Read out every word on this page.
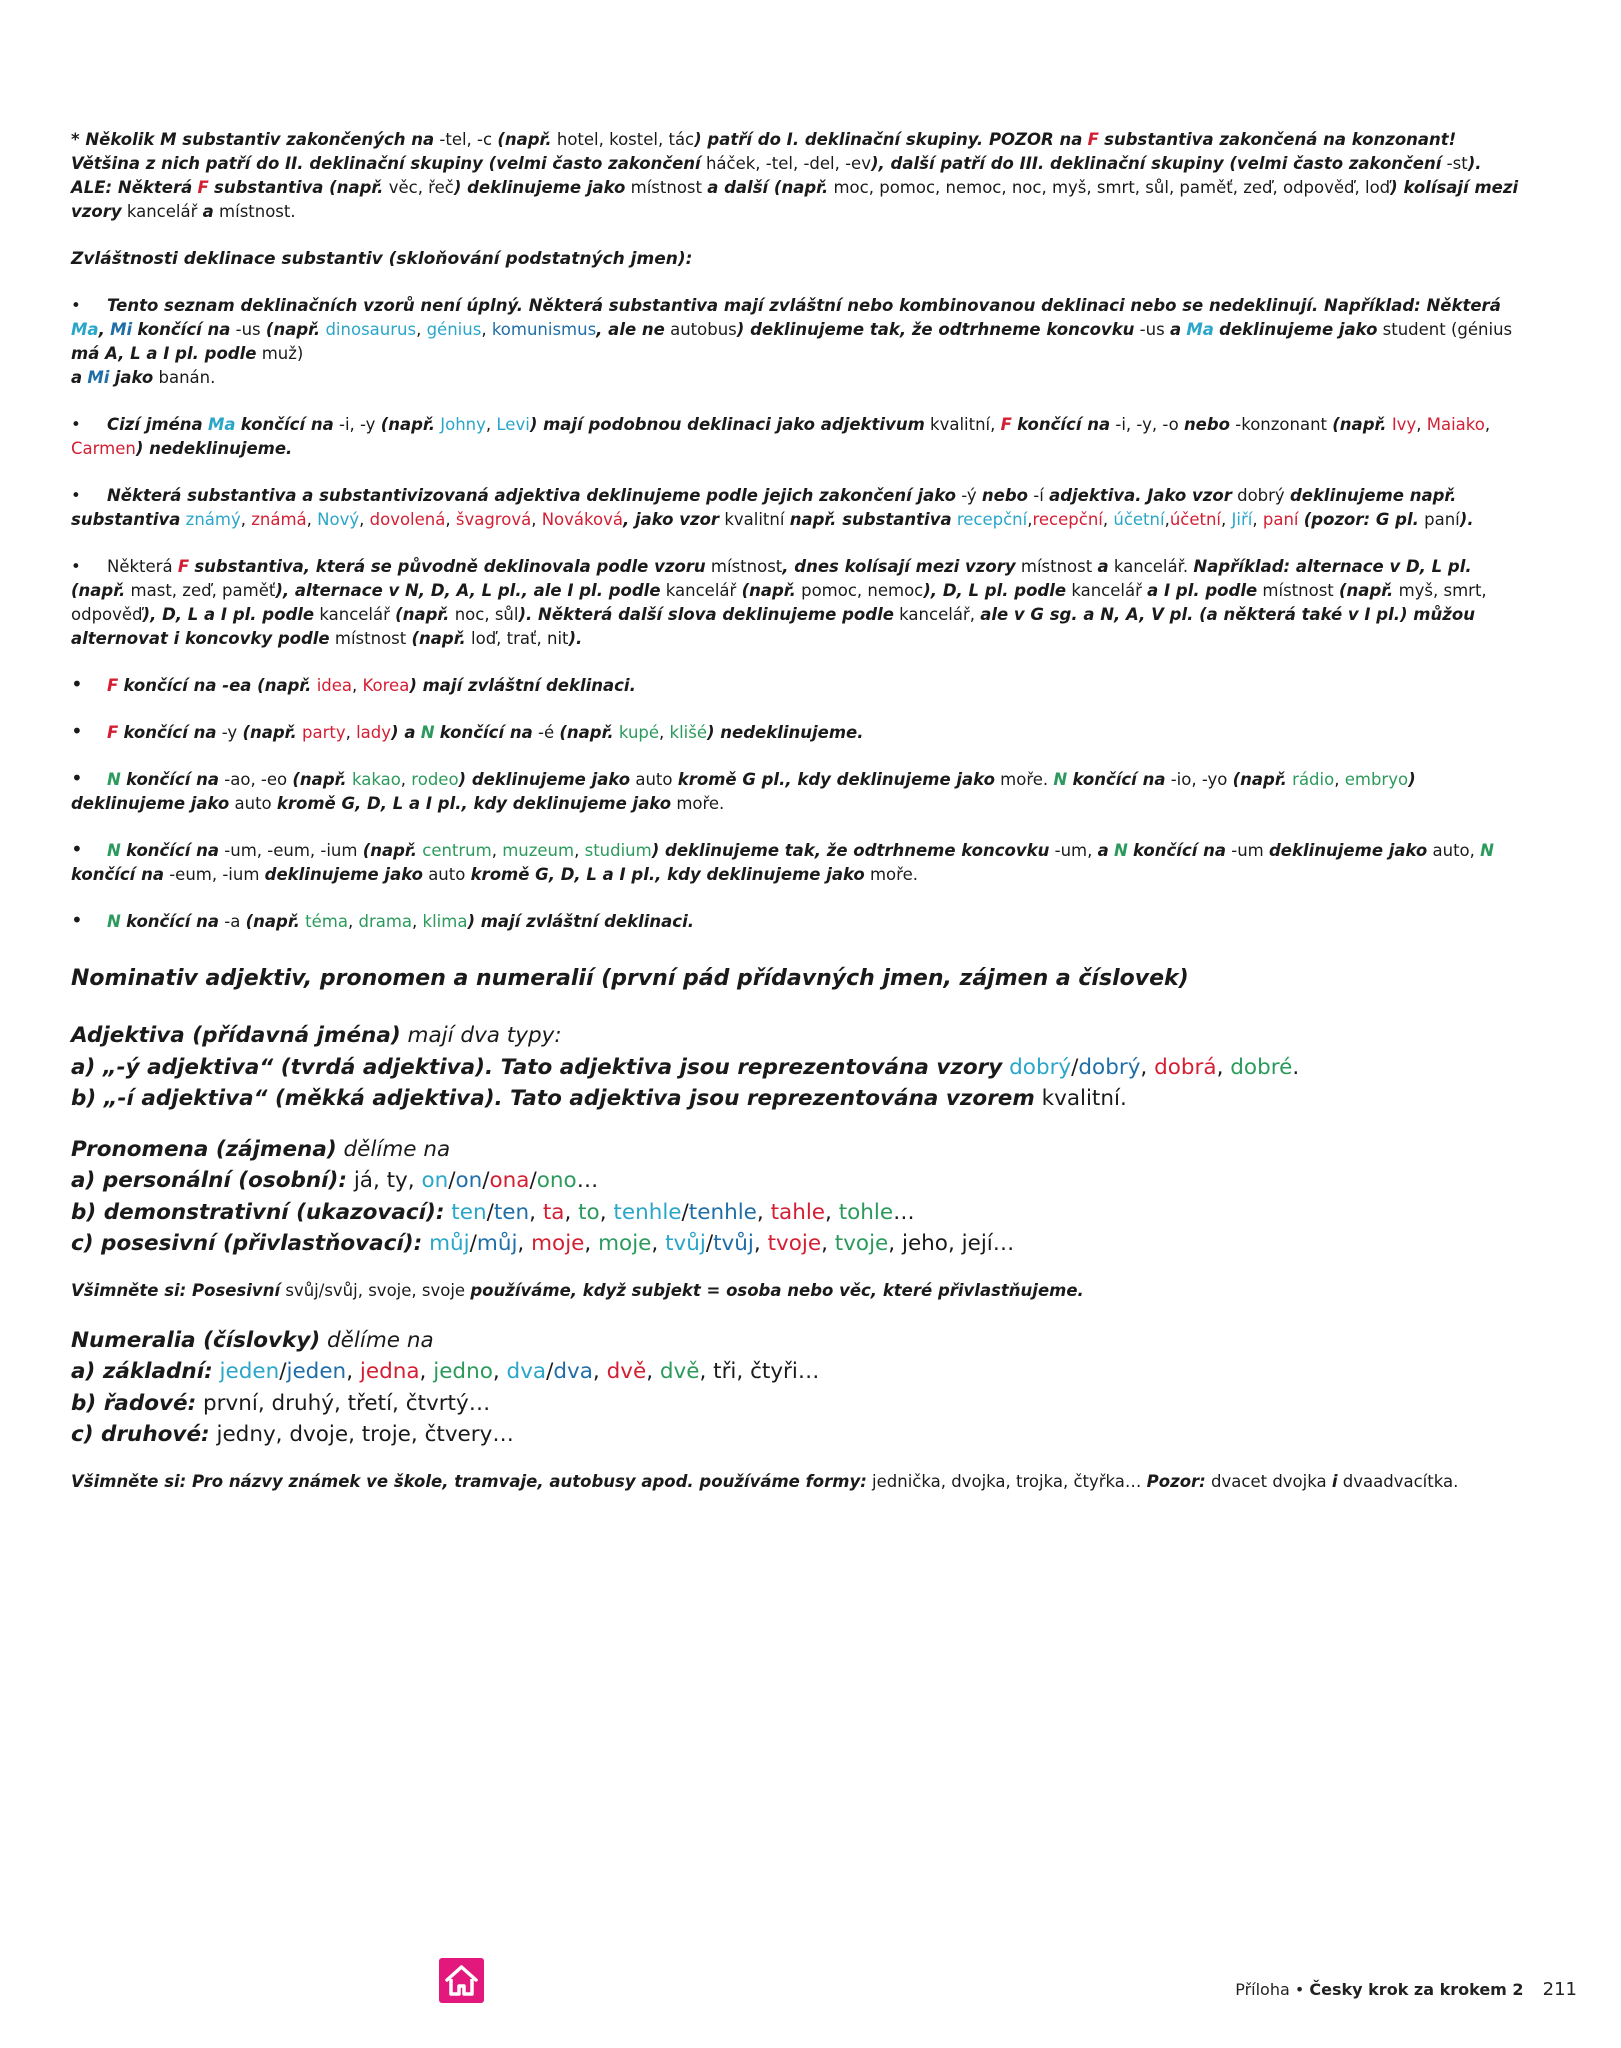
* Několik M substantiv zakončených na -tel, -c (např. hotel, kostel, tác) patří do I. deklinační skupiny. POZOR na F substantiva zakončená na konzonant! Většina z nich patří do II. deklinační skupiny (velmi často zakončení háček, -tel, -del, -ev), další patří do III. deklinační skupiny (velmi často zakončení -st). ALE: Některá F substantiva (např. věc, řeč) deklinujeme jako místnost a další (např. moc, pomoc, nemoc, noc, myš, smrt, sůl, paměť, zeď, odpověď, loď) kolísají mezi vzory kancelář a místnost.

Zvláštnosti deklinace substantiv (skloňování podstatných jmen):

• Tento seznam deklinačních vzorů není úplný. Některá substantiva mají zvláštní nebo kombinovanou deklinaci nebo se nedeklinují. Například: Některá Ma, Mi končící na -us (např. dinosaurus, génius, komunismus, ale ne autobus) deklinujeme tak, že odtrhneme koncovku -us a Ma deklinujeme jako student (génius má A, L a I pl. podle muž)
a Mi jako banán.

• Cizí jména Ma končící na -i, -y (např. Johny, Levi) mají podobnou deklinaci jako adjektivum kvalitní, F končící na -i, -y, -o nebo -konzonant (např. Ivy, Maiako, Carmen) nedeklinujeme.

• Některá substantiva a substantivizovaná adjektiva deklinujeme podle jejich zakončení jako -ý nebo -í adjektiva. Jako vzor dobrý deklinujeme např. substantiva známý, známá, Nový, dovolená, švagrová, Nováková, jako vzor kvalitní např. substantiva recepční,recepční, účetní,účetní, Jiří, paní (pozor: G pl. paní).

• Některá F substantiva, která se původně deklinovala podle vzoru místnost, dnes kolísají mezi vzory místnost a kancelář. Například: alternace v D, L pl. (např. mast, zeď, paměť), alternace v N, D, A, L pl., ale I pl. podle kancelář (např. pomoc, nemoc), D, L pl. podle kancelář a I pl. podle místnost (např. myš, smrt, odpověď), D, L a I pl. podle kancelář (např. noc, sůl). Některá další slova deklinujeme podle kancelář, ale v G sg. a N, A, V pl. (a některá také v I pl.) můžou alternovat i koncovky podle místnost (např. loď, trať, nit).

• F končící na -ea (např. idea, Korea) mají zvláštní deklinaci.

• F končící na -y (např. party, lady) a N končící na -é (např. kupé, klišé) nedeklinujeme.

• N končící na -ao, -eo (např. kakao, rodeo) deklinujeme jako auto kromě G pl., kdy deklinujeme jako moře. N končící na -io, -yo (např. rádio, embryo) deklinujeme jako auto kromě G, D, L a I pl., kdy deklinujeme jako moře.

• N končící na -um, -eum, -ium (např. centrum, muzeum, studium) deklinujeme tak, že odtrhneme koncovku -um, a N končící na -um deklinujeme jako auto, N končící na -eum, -ium deklinujeme jako auto kromě G, D, L a I pl., kdy deklinujeme jako moře.

• N končící na -a (např. téma, drama, klima) mají zvláštní deklinaci.

Nominativ adjektiv, pronomen a numeralií (první pád přídavných jmen, zájmen a číslovek)
Adjektiva (přídavná jména) mají dva typy:
a) „-ý adjektiva“ (tvrdá adjektiva). Tato adjektiva jsou reprezentována vzory dobrý/dobrý, dobrá, dobré.
b) „-í adjektiva“ (měkká adjektiva). Tato adjektiva jsou reprezentována vzorem kvalitní.
Pronomena (zájmena) dělíme na
a) personální (osobní): já, ty, on/on/ona/ono…
b) demonstrativní (ukazovací): ten/ten, ta, to, tenhle/tenhle, tahle, tohle…
c) posesivní (přivlastňovací): můj/můj, moje, moje, tvůj/tvůj, tvoje, tvoje, jeho, její…

Všimněte si: Posesivní svůj/svůj, svoje, svoje používáme, když subjekt = osoba nebo věc, které přivlastňujeme.

Numeralia (číslovky) dělíme na
a) základní: jeden/jeden, jedna, jedno, dva/dva, dvě, dvě, tři, čtyři…
b) řadové: první, druhý, třetí, čtvrtý…
c) druhové: jedny, dvoje, troje, čtvery…

Všimněte si: Pro názvy známek ve škole, tramvaje, autobusy apod. používáme formy: jednička, dvojka, trojka, čtyřka… Pozor: dvacet dvojka i dvaadvacítka.

Příloha • Česky krok za krokem 2 211
